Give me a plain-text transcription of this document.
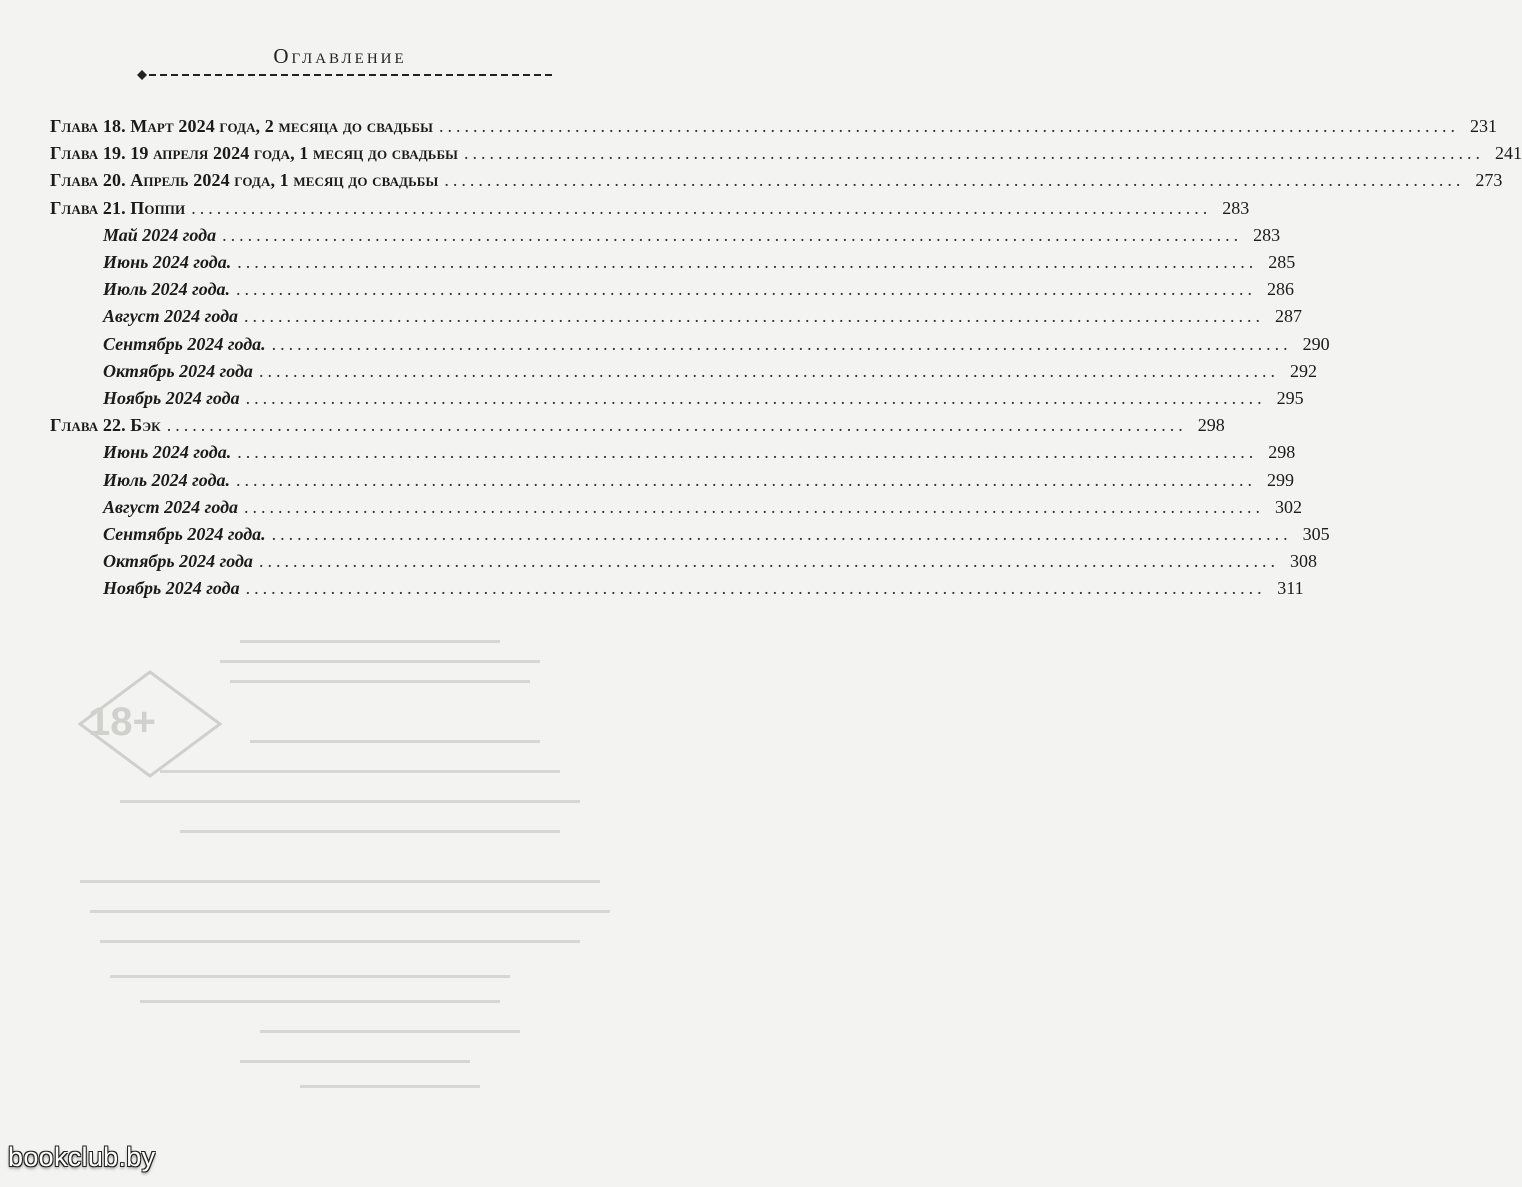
Оглавление
18+
Глава 18. Март 2024 года, 2 месяца до свадьбы ........................................................................................................................ 231
Глава 19. 19 апреля 2024 года, 1 месяц до свадьбы ........................................................................................................................ 241
Глава 20. Апрель 2024 года, 1 месяц до свадьбы ........................................................................................................................ 273
Глава 21. Поппи ........................................................................................................................ 283
Май 2024 года ........................................................................................................................ 283
Июнь 2024 года. ........................................................................................................................ 285
Июль 2024 года. ........................................................................................................................ 286
Август 2024 года ........................................................................................................................ 287
Сентябрь 2024 года. ........................................................................................................................ 290
Октябрь 2024 года ........................................................................................................................ 292
Ноябрь 2024 года ........................................................................................................................ 295
Глава 22. Бэк ........................................................................................................................ 298
Июнь 2024 года. ........................................................................................................................ 298
Июль 2024 года. ........................................................................................................................ 299
Август 2024 года ........................................................................................................................ 302
Сентябрь 2024 года. ........................................................................................................................ 305
Октябрь 2024 года ........................................................................................................................ 308
Ноябрь 2024 года ........................................................................................................................ 311
bookclub.by
